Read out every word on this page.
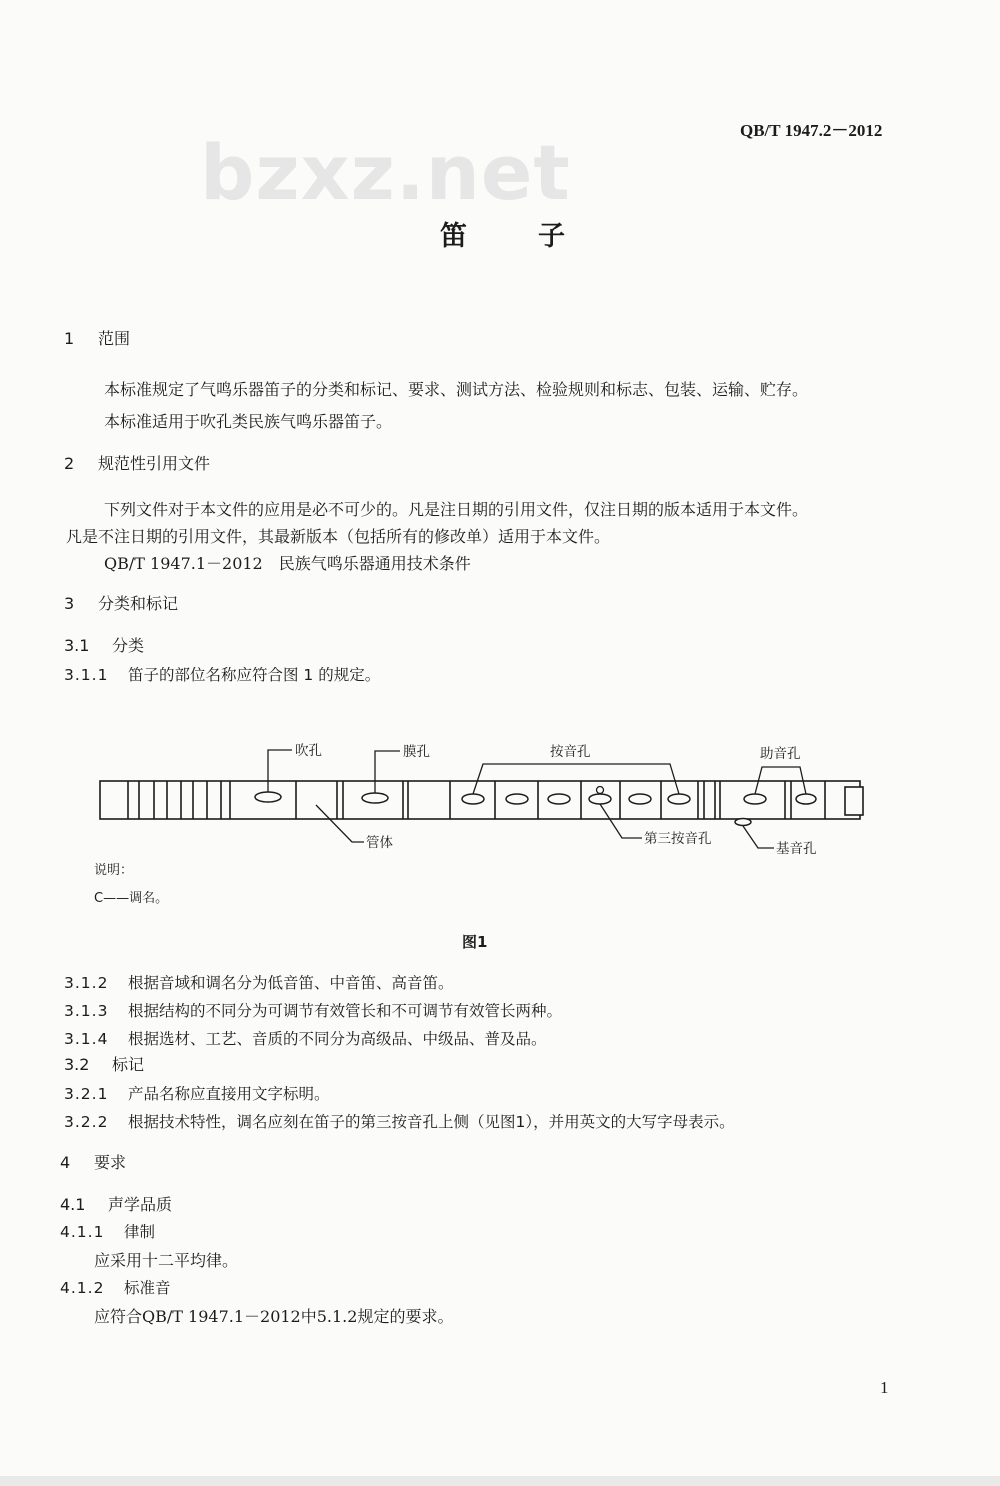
QB/T 1947.2－2012
bzxz.net
笛　子
1 范围
本标准规定了气鸣乐器笛子的分类和标记、要求、测试方法、检验规则和标志、包装、运输、贮存。
本标准适用于吹孔类民族气鸣乐器笛子。
2 规范性引用文件
下列文件对于本文件的应用是必不可少的。凡是注日期的引用文件，仅注日期的版本适用于本文件。
凡是不注日期的引用文件，其最新版本（包括所有的修改单）适用于本文件。
QB/T 1947.1－2012　民族气鸣乐器通用技术条件
3 分类和标记
3.1 分类
3.1.1 笛子的部位名称应符合图 1 的规定。
吹孔	膜孔	按音孔	助音孔
管体	第三按音孔
基音孔
说明：
C——调名。
图1
3.1.2 根据音域和调名分为低音笛、中音笛、高音笛。
3.1.3 根据结构的不同分为可调节有效管长和不可调节有效管长两种。
3.1.4 根据选材、工艺、音质的不同分为高级品、中级品、普及品。
3.2 标记
3.2.1 产品名称应直接用文字标明。
3.2.2 根据技术特性，调名应刻在笛子的第三按音孔上侧（见图1），并用英文的大写字母表示。
4 要求
4.1 声学品质
4.1.1 律制
应采用十二平均律。
4.1.2 标准音
应符合QB/T 1947.1－2012中5.1.2规定的要求。
1
